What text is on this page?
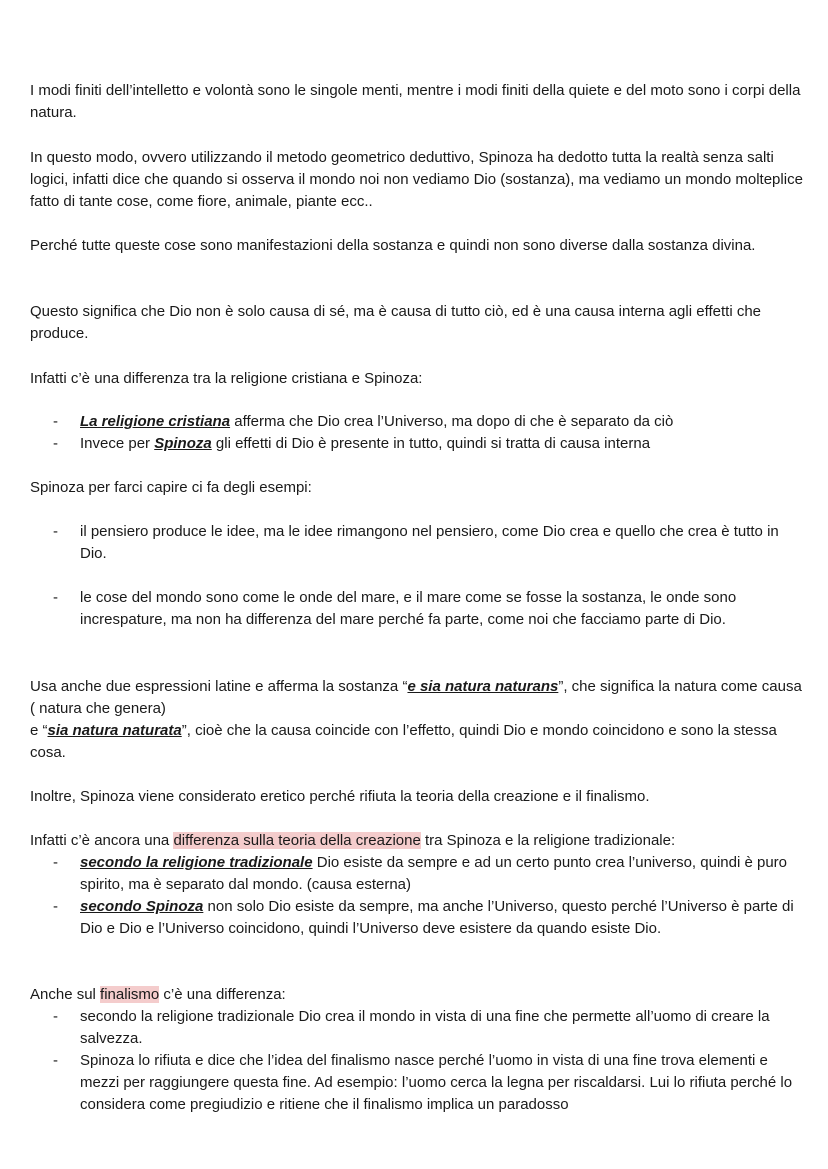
I modi finiti dell’intelletto e volontà sono le singole menti, mentre i modi finiti della quiete e del moto sono i corpi della natura.

In questo modo, ovvero utilizzando il metodo geometrico deduttivo, Spinoza ha dedotto tutta la realtà senza salti logici, infatti dice che quando si osserva il mondo noi non vediamo Dio (sostanza), ma vediamo un mondo molteplice fatto di tante cose, come fiore, animale, piante ecc..

Perché tutte queste cose sono manifestazioni della sostanza e quindi non sono diverse dalla sostanza divina.

Questo significa che Dio non è solo causa di sé, ma è causa di tutto ciò, ed è una causa interna agli effetti che produce.

Infatti c’è una differenza tra la religione cristiana e Spinoza:

-	La religione cristiana afferma che Dio crea l’Universo, ma dopo di che è separato da ciò
-	Invece per Spinoza gli effetti di Dio è presente in tutto, quindi si tratta di causa interna

Spinoza per farci capire ci fa degli esempi:

-	il pensiero produce le idee, ma le idee rimangono nel pensiero, come Dio crea e quello che crea è tutto in Dio.
-	le cose del mondo sono come le onde del mare, e il mare come se fosse la sostanza, le onde sono increspature, ma non ha differenza del mare perché fa parte, come noi che facciamo parte di Dio.

Usa anche due espressioni latine e afferma la sostanza “e sia natura naturans”, che significa la natura come causa ( natura che genera)
e “sia natura naturata”, cioè che la causa coincide con l’effetto, quindi Dio e mondo coincidono e sono la stessa cosa.

Inoltre, Spinoza viene considerato eretico perché rifiuta la teoria della creazione e il finalismo.

Infatti c’è ancora una differenza sulla teoria della creazione tra Spinoza e la religione tradizionale:

-	secondo la religione tradizionale Dio esiste da sempre e ad un certo punto crea l’universo, quindi è puro spirito, ma è separato dal mondo. (causa esterna)
-	secondo Spinoza non solo Dio esiste da sempre, ma anche l’Universo, questo perché l’Universo è parte di Dio e Dio e l’Universo coincidono, quindi l’Universo deve esistere da quando esiste Dio.

Anche sul finalismo c’è una differenza:

-	secondo la religione tradizionale Dio crea il mondo in vista di una fine che permette all’uomo di creare la salvezza.
-	Spinoza lo rifiuta e dice che l’idea del finalismo nasce perché l’uomo in vista di una fine trova elementi e mezzi per raggiungere questa fine. Ad esempio: l’uomo cerca la legna per riscaldarsi. Lui lo rifiuta perché lo considera come pregiudizio e ritiene che il finalismo implica un paradosso
